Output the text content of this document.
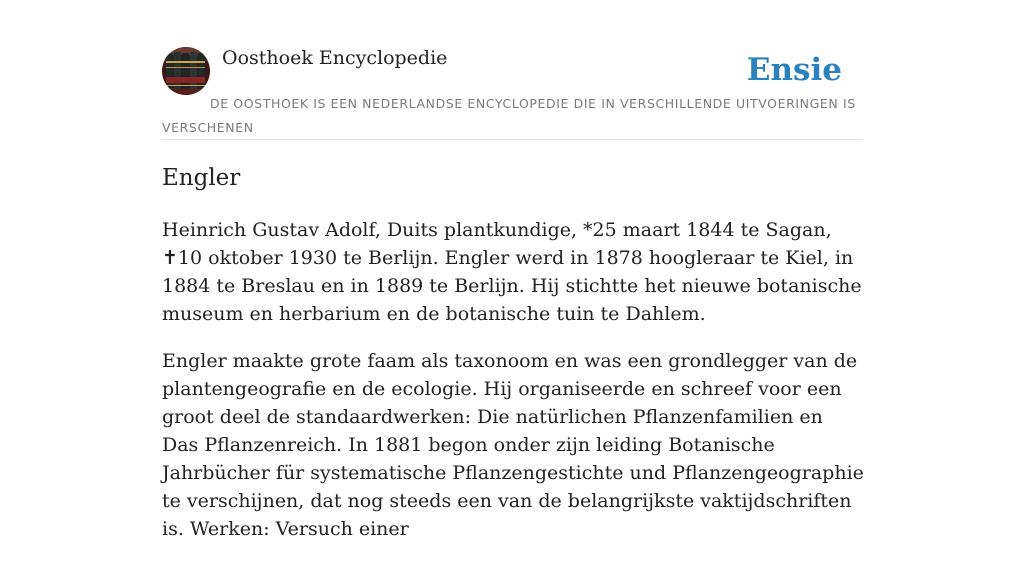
Oosthoek Encyclopedie	Ensie
DE OOSTHOEK IS EEN NEDERLANDSE ENCYCLOPEDIE DIE IN VERSCHILLENDE UITVOERINGEN IS VERSCHENEN
Engler

Heinrich Gustav Adolf, Duits plantkundige, *25 maart 1844 te Sagan, ✝10 oktober 1930 te Berlijn. Engler werd in 1878 hoogleraar te Kiel, in 1884 te Breslau en in 1889 te Berlijn. Hij stichtte het nieuwe botanische museum en herbarium en de botanische tuin te Dahlem.

Engler maakte grote faam als taxonoom en was een grondlegger van de plantengeografie en de ecologie. Hij organiseerde en schreef voor een groot deel de standaardwerken: Die natürlichen Pflanzenfamilien en Das Pflanzenreich. In 1881 begon onder zijn leiding Botanische Jahrbücher für systematische Pflanzengestichte und Pflanzengeographie te verschijnen, dat nog steeds een van de belangrijkste vaktijdschriften is. Werken: Versuch einer
